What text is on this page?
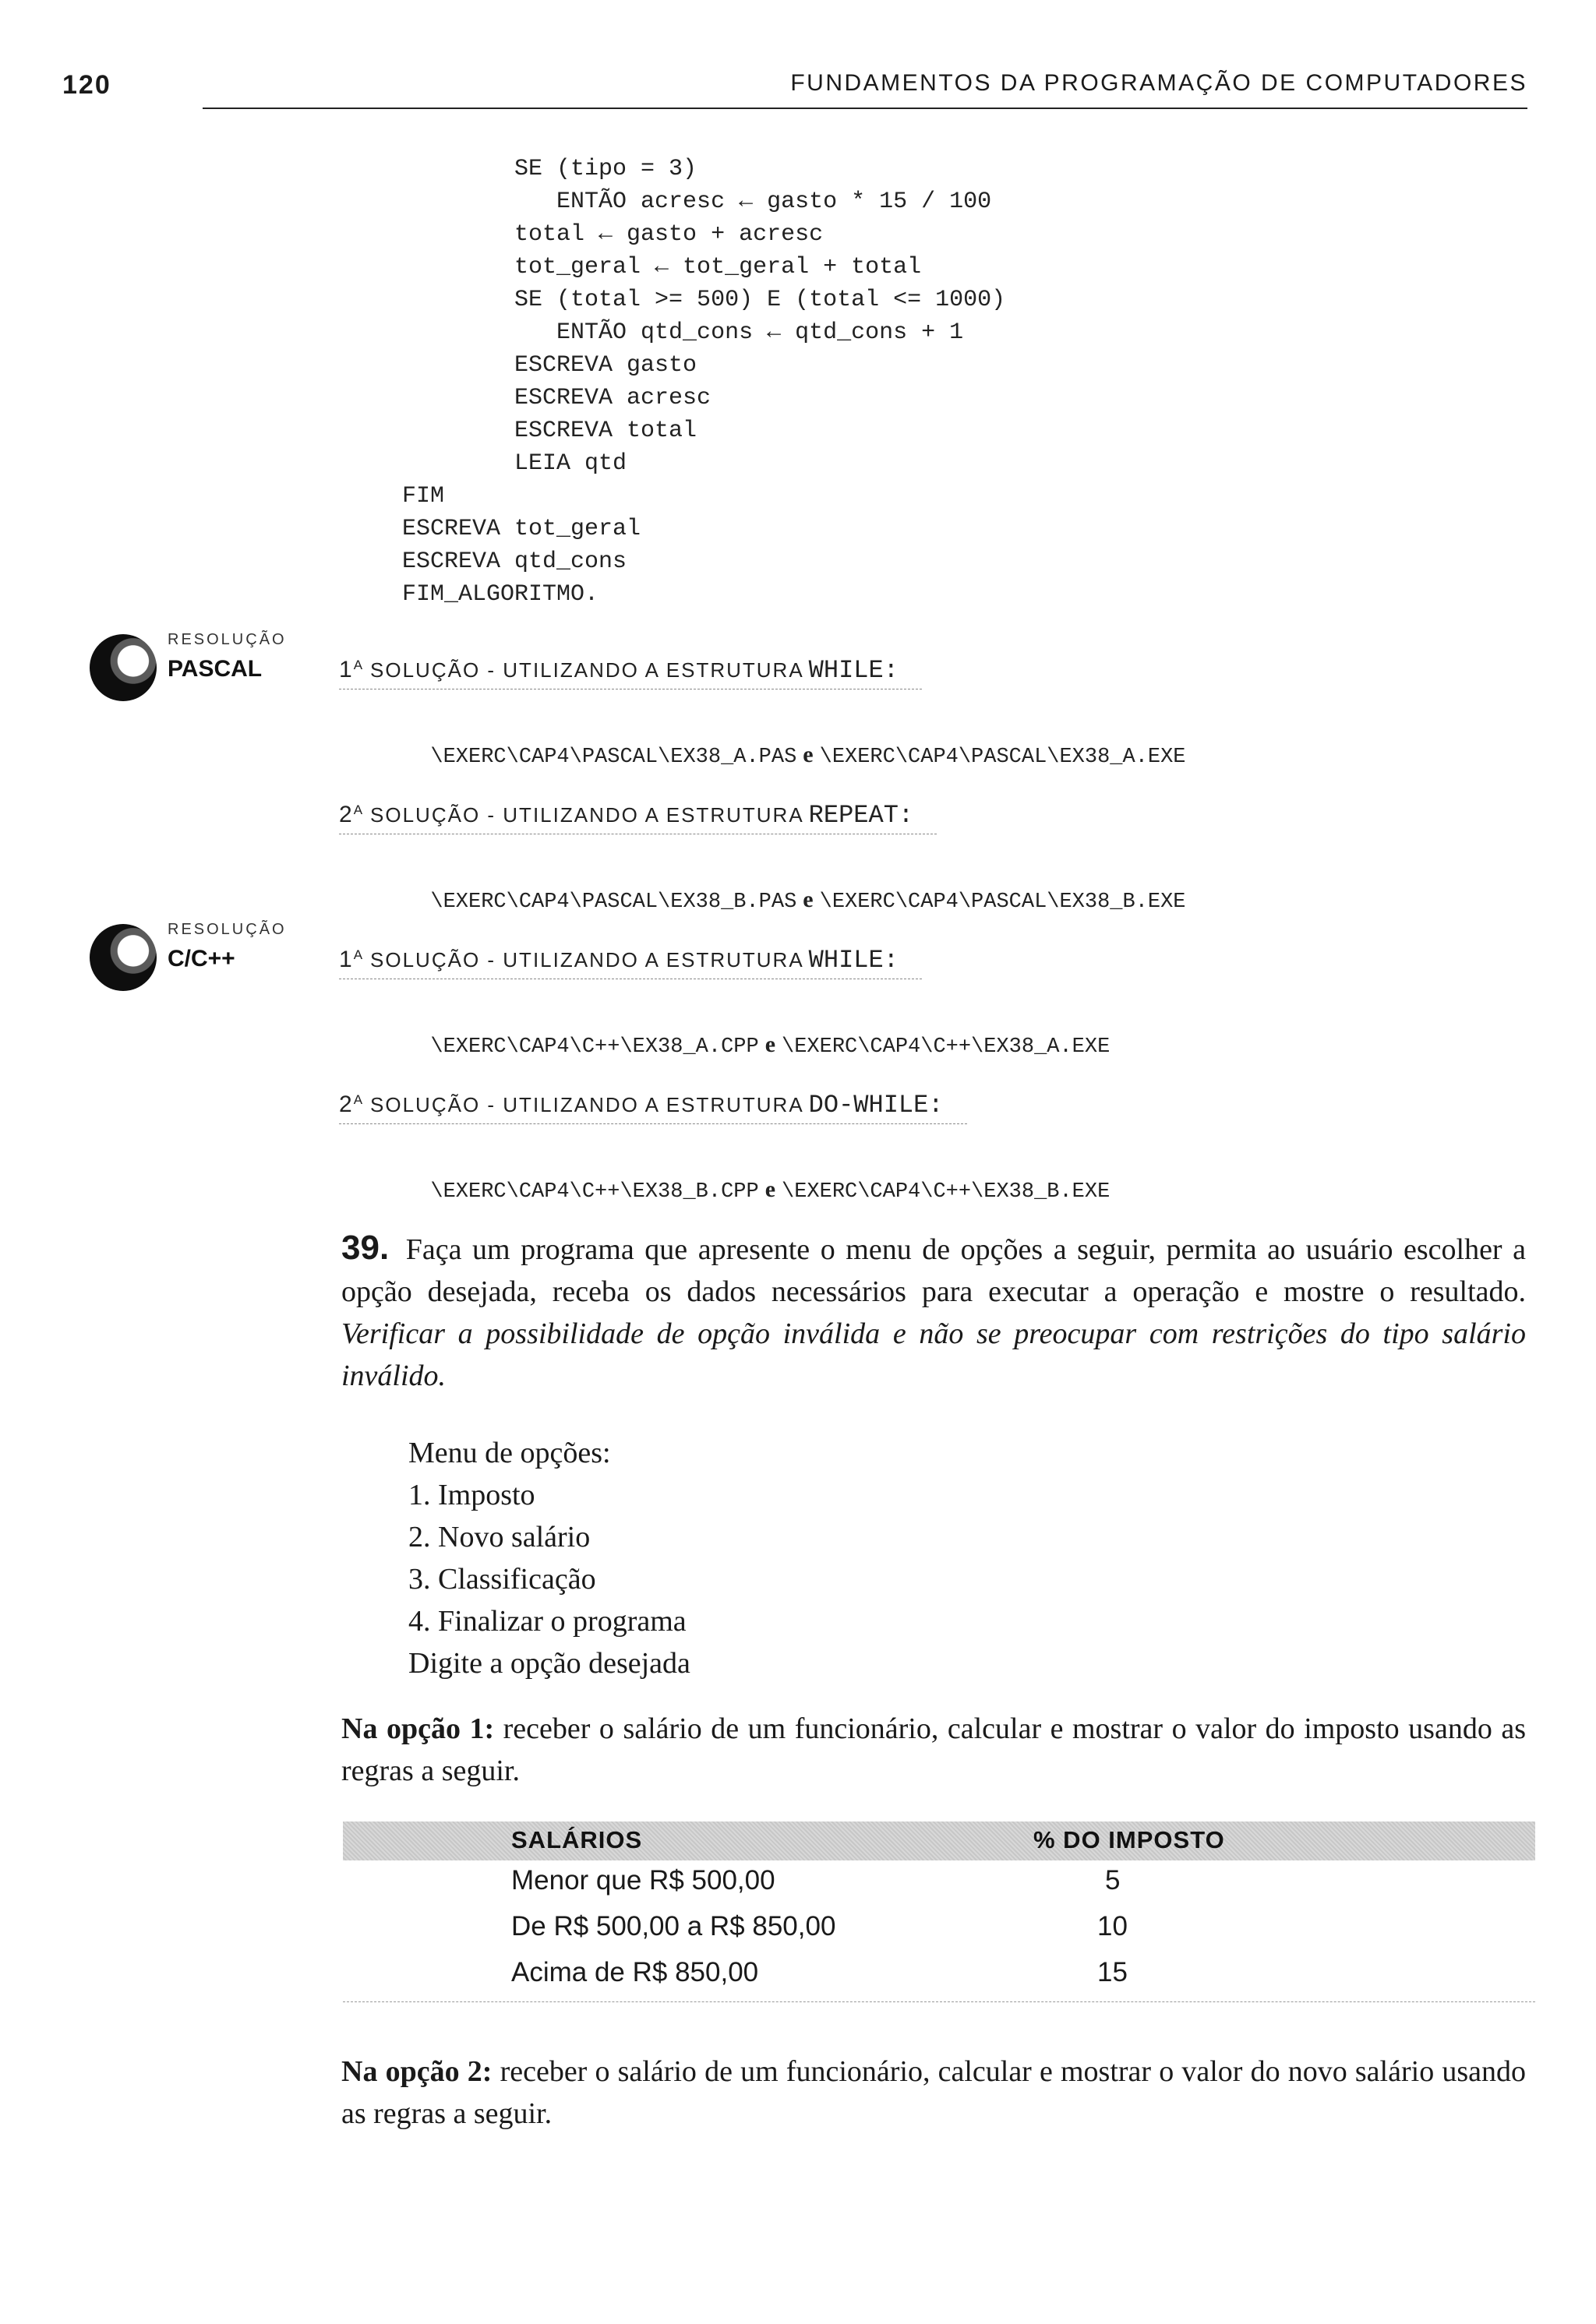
120	FUNDAMENTOS DA PROGRAMAÇÃO DE COMPUTADORES
SE (tipo = 3)
ENTÃO acresc ← gasto * 15 / 100
total ← gasto + acresc
tot_geral ← tot_geral + total
SE (total >= 500) E (total <= 1000)
ENTÃO qtd_cons ← qtd_cons + 1
ESCREVA gasto
ESCREVA acresc
ESCREVA total
LEIA qtd
FIM
ESCREVA tot_geral
ESCREVA qtd_cons
FIM_ALGORITMO.
RESOLUÇÃO
PASCAL	$1^A$ SOLUÇÃO - UTILIZANDO A ESTRUTURA WHILE:

\EXERC\CAP4\PASCAL\EX38_A.PAS e \EXERC\CAP4\PASCAL\EX38_A.EXE

$2^A$ SOLUÇÃO - UTILIZANDO A ESTRUTURA REPEAT:

\EXERC\CAP4\PASCAL\EX38_B.PAS e \EXERC\CAP4\PASCAL\EX38_B.EXE

RESOLUÇÃO
C/C++	$1^A$ SOLUÇÃO - UTILIZANDO A ESTRUTURA WHILE:

\EXERC\CAP4\C++\EX38_A.CPP e \EXERC\CAP4\C++\EX38_A.EXE

$2^A$ SOLUÇÃO - UTILIZANDO A ESTRUTURA DO-WHILE:

\EXERC\CAP4\C++\EX38_B.CPP e \EXERC\CAP4\C++\EX38_B.EXE

39. Faça um programa que apresente o menu de opções a seguir, permita ao usuário escolher a opção desejada, receba os dados necessários para executar a operação e mostre o resultado. Verificar a possibilidade de opção inválida e não se preocupar com restrições do tipo salário inválido.
Menu de opções:
1. Imposto
2. Novo salário
3. Classificação
4. Finalizar o programa
Digite a opção desejada
Na opção 1: receber o salário de um funcionário, calcular e mostrar o valor do imposto usando as regras a seguir.
SALÁRIOS	% DO IMPOSTO
Menor que R$ 500,00	5
De R$ 500,00 a R$ 850,00	10
Acima de R$ 850,00	15
Na opção 2: receber o salário de um funcionário, calcular e mostrar o valor do novo salário usando as regras a seguir.
